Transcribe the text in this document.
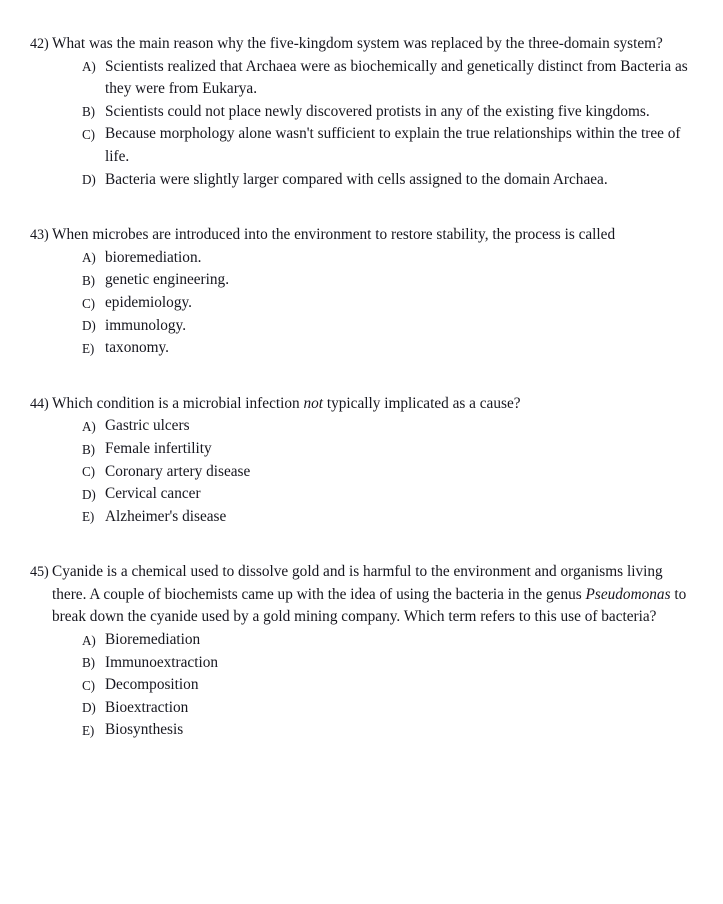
42) What was the main reason why the five-kingdom system was replaced by the three-domain system?
A) Scientists realized that Archaea were as biochemically and genetically distinct from Bacteria as they were from Eukarya.
B) Scientists could not place newly discovered protists in any of the existing five kingdoms.
C) Because morphology alone wasn't sufficient to explain the true relationships within the tree of life.
D) Bacteria were slightly larger compared with cells assigned to the domain Archaea.
43) When microbes are introduced into the environment to restore stability, the process is called
A) bioremediation.
B) genetic engineering.
C) epidemiology.
D) immunology.
E) taxonomy.
44) Which condition is a microbial infection not typically implicated as a cause?
A) Gastric ulcers
B) Female infertility
C) Coronary artery disease
D) Cervical cancer
E) Alzheimer's disease
45) Cyanide is a chemical used to dissolve gold and is harmful to the environment and organisms living there. A couple of biochemists came up with the idea of using the bacteria in the genus Pseudomonas to break down the cyanide used by a gold mining company. Which term refers to this use of bacteria?
A) Bioremediation
B) Immunoextraction
C) Decomposition
D) Bioextraction
E) Biosynthesis
